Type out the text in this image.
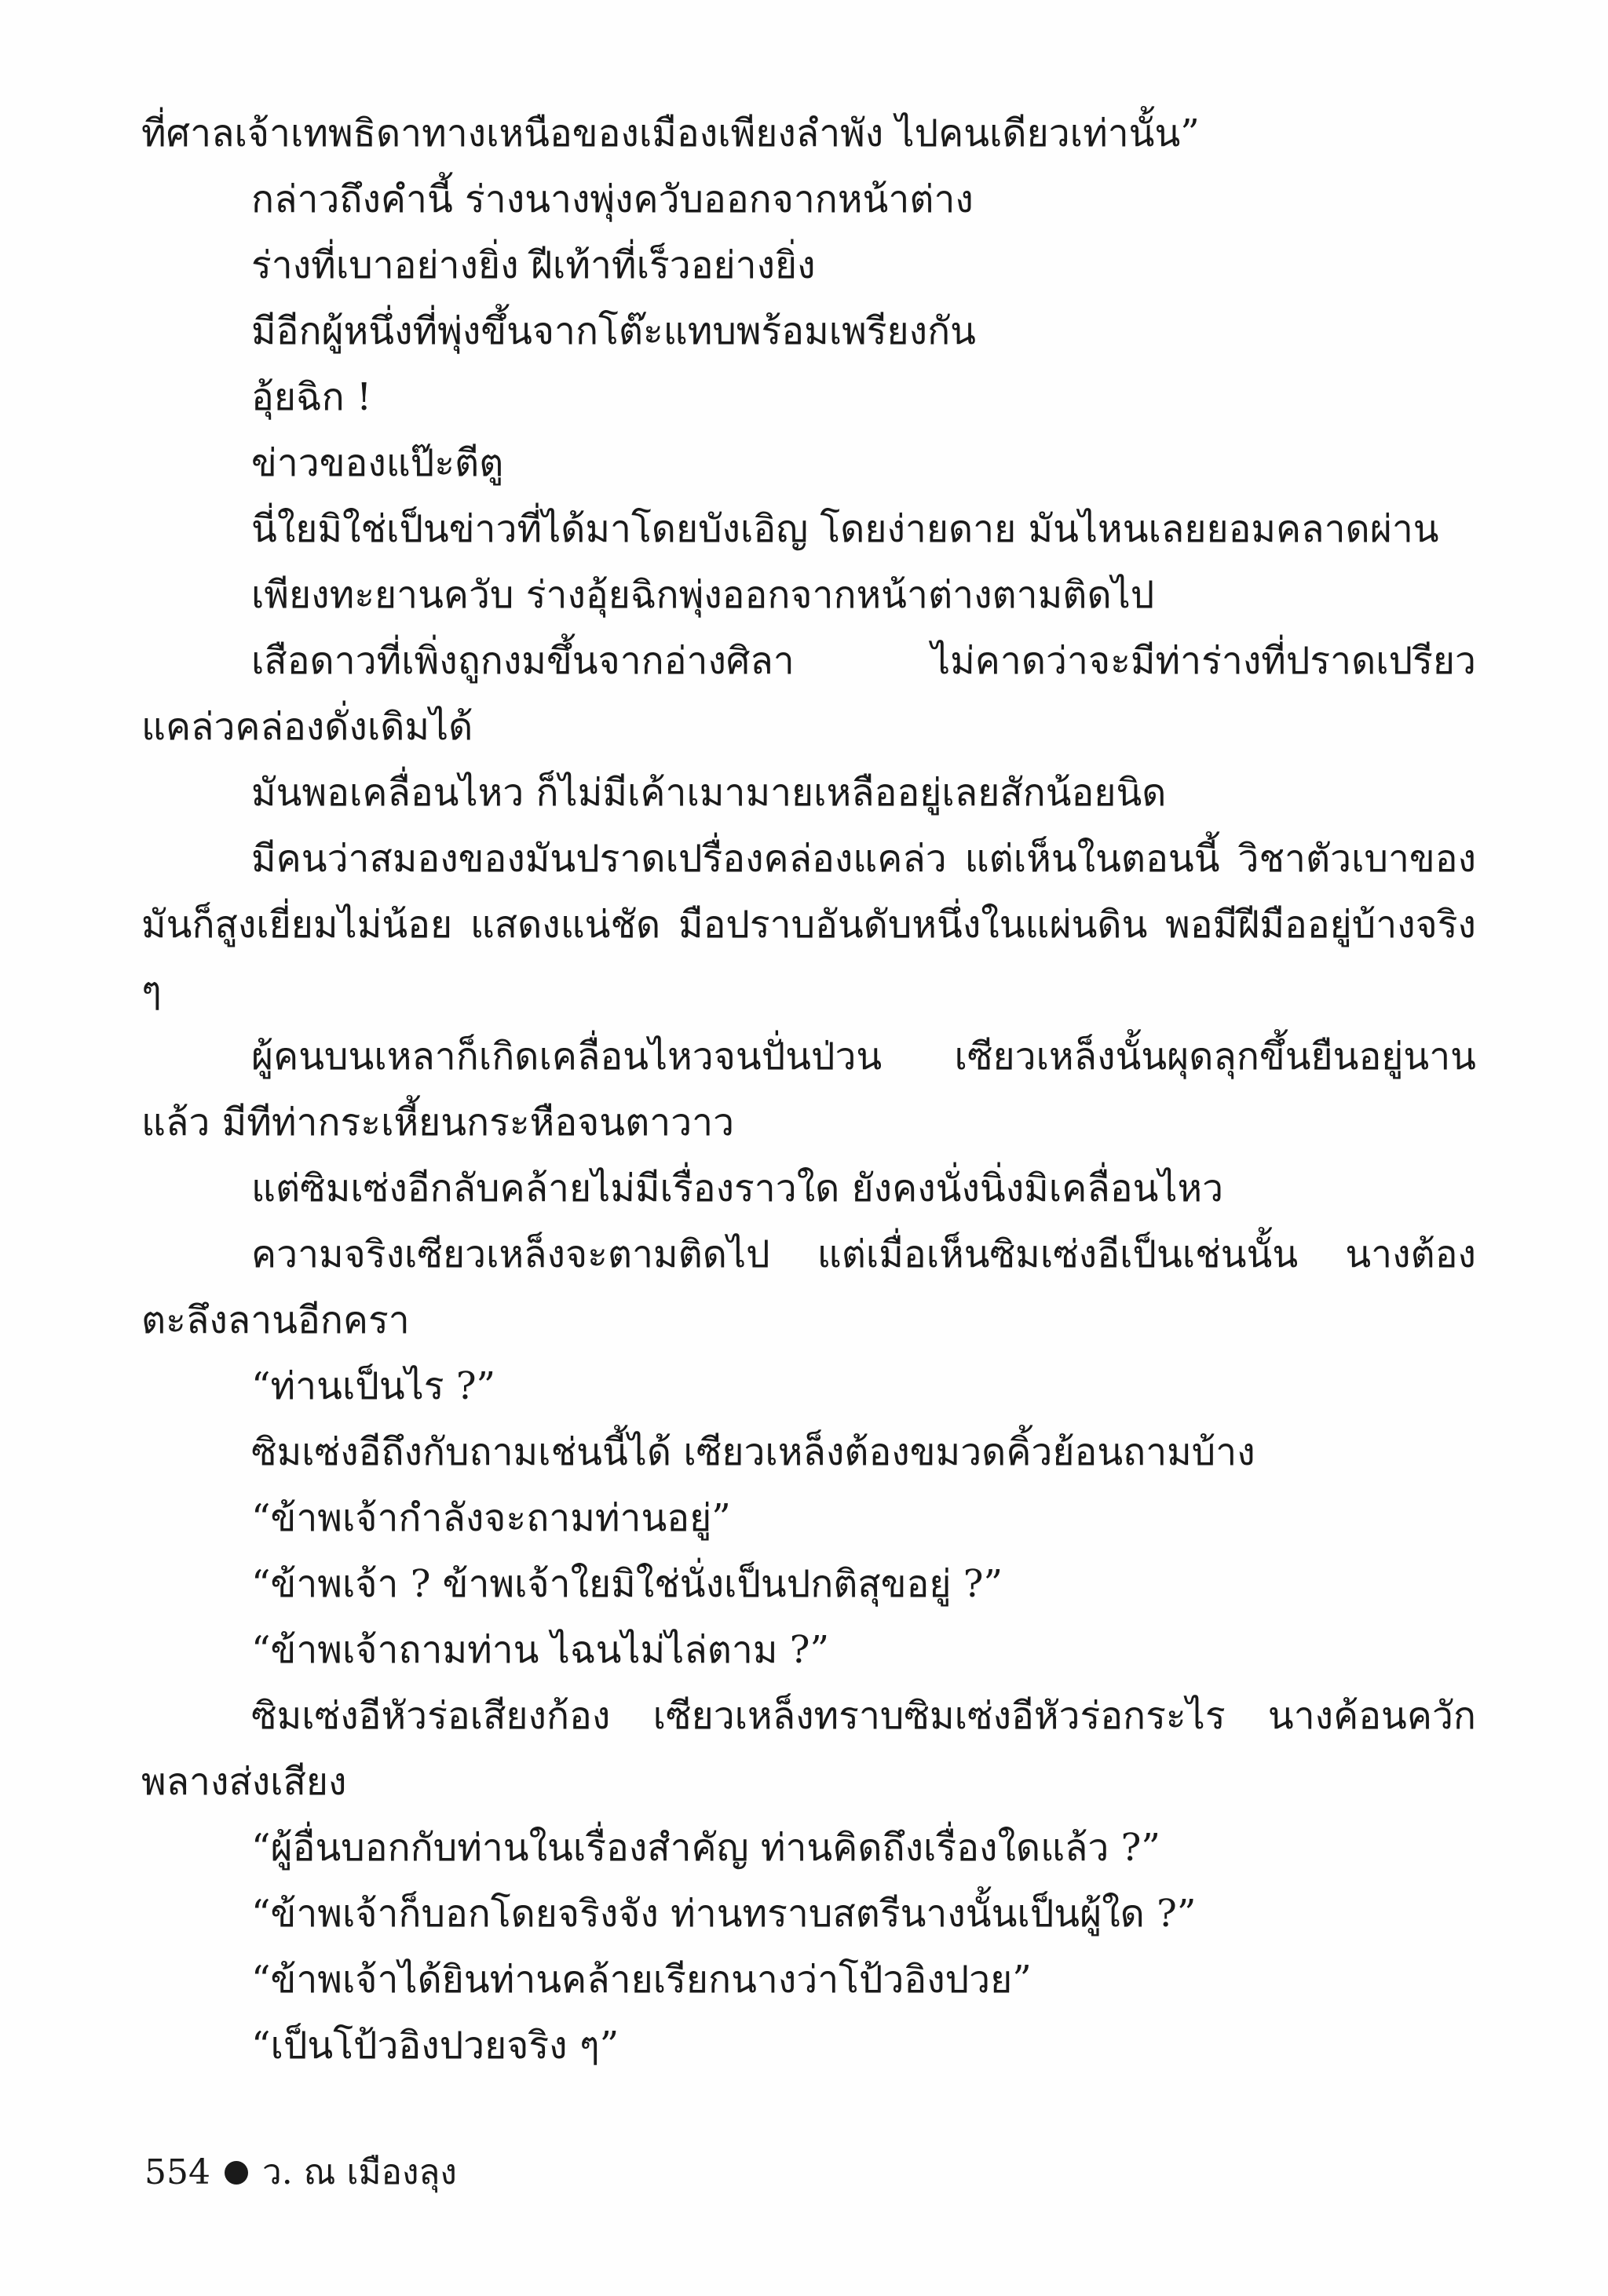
ที่ศาลเจ้าเทพธิดาทางเหนือของเมืองเพียงลำพัง ไปคนเดียวเท่านั้น”

กล่าวถึงคำนี้ ร่างนางพุ่งควับออกจากหน้าต่าง

ร่างที่เบาอย่างยิ่ง ฝีเท้าที่เร็วอย่างยิ่ง

มีอีกผู้หนึ่งที่พุ่งขึ้นจากโต๊ะแทบพร้อมเพรียงกัน

อุ้ยฉิก !

ข่าวของแป๊ะตีตู

นี่ใยมิใช่เป็นข่าวที่ได้มาโดยบังเอิญ โดยง่ายดาย มันไหนเลยยอมคลาดผ่าน

เพียงทะยานควับ ร่างอุ้ยฉิกพุ่งออกจากหน้าต่างตามติดไป

เสือดาวที่เพิ่งถูกงมขึ้นจากอ่างศิลา ไม่คาดว่าจะมีท่าร่างที่ปราดเปรียวแคล่วคล่องดั่งเดิมได้

มันพอเคลื่อนไหว ก็ไม่มีเค้าเมามายเหลืออยู่เลยสักน้อยนิด

มีคนว่าสมองของมันปราดเปรื่องคล่องแคล่ว แต่เห็นในตอนนี้ วิชาตัวเบาของมันก็สูงเยี่ยมไม่น้อย แสดงแน่ชัด มือปราบอันดับหนึ่งในแผ่นดิน พอมีฝีมืออยู่บ้างจริง ๆ

ผู้คนบนเหลาก็เกิดเคลื่อนไหวจนปั่นป่วน เซียวเหล็งนั้นผุดลุกขึ้นยืนอยู่นานแล้ว มีทีท่ากระเหี้ยนกระหือจนตาวาว

แต่ซิมเซ่งอีกลับคล้ายไม่มีเรื่องราวใด ยังคงนั่งนิ่งมิเคลื่อนไหว

ความจริงเซียวเหล็งจะตามติดไป แต่เมื่อเห็นซิมเซ่งอีเป็นเช่นนั้น นางต้องตะลึงลานอีกครา

“ท่านเป็นไร ?”

ซิมเซ่งอีถึงกับถามเช่นนี้ได้ เซียวเหล็งต้องขมวดคิ้วย้อนถามบ้าง

“ข้าพเจ้ากำลังจะถามท่านอยู่”

“ข้าพเจ้า ? ข้าพเจ้าใยมิใช่นั่งเป็นปกติสุขอยู่ ?”

“ข้าพเจ้าถามท่าน ไฉนไม่ไล่ตาม ?”

ซิมเซ่งอีหัวร่อเสียงก้อง เซียวเหล็งทราบซิมเซ่งอีหัวร่อกระไร นางค้อนควักพลางส่งเสียง

“ผู้อื่นบอกกับท่านในเรื่องสำคัญ ท่านคิดถึงเรื่องใดแล้ว ?”

“ข้าพเจ้าก็บอกโดยจริงจัง ท่านทราบสตรีนางนั้นเป็นผู้ใด ?”

“ข้าพเจ้าได้ยินท่านคล้ายเรียกนางว่าโป้วอิงปวย”

“เป็นโป้วอิงปวยจริง ๆ”

554 ว. ณ เมืองลุง
